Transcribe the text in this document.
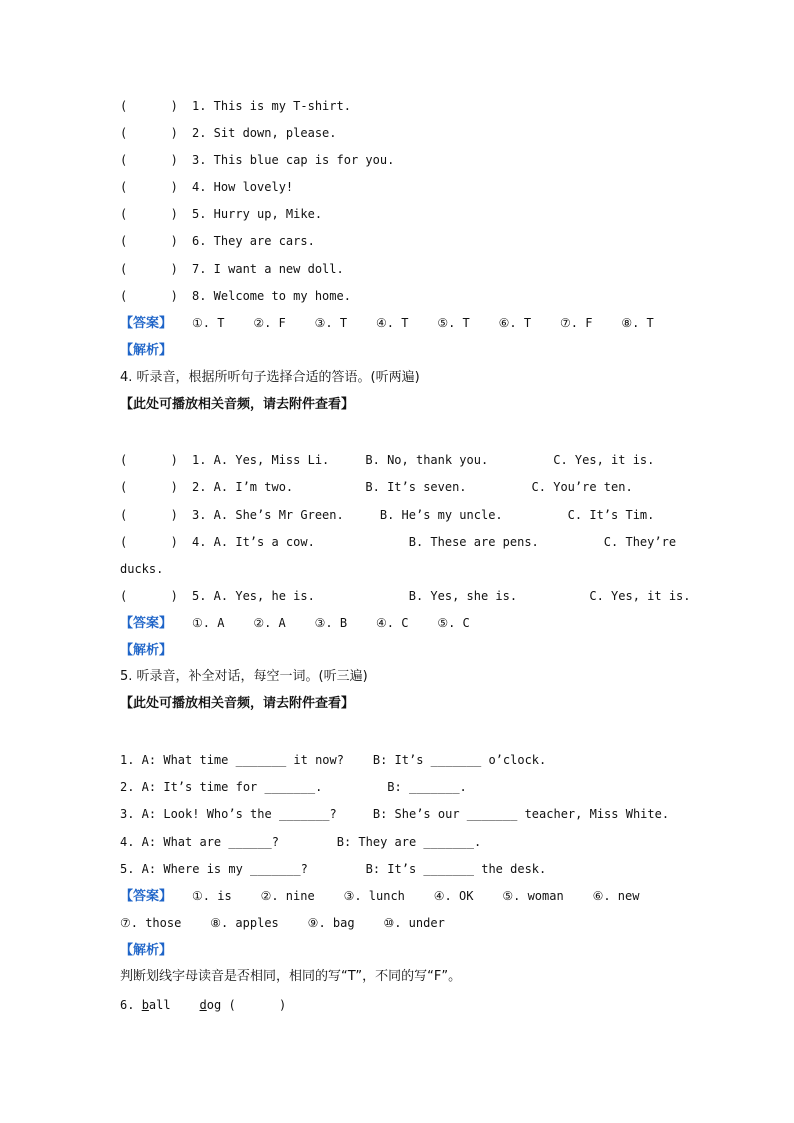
(      ) 1. This is my T-shirt.
(      ) 2. Sit down, please.
(      ) 3. This blue cap is for you.
(      ) 4. How lovely!
(      ) 5. Hurry up, Mike.
(      ) 6. They are cars.
(      ) 7. I want a new doll.
(      ) 8. Welcome to my home.
【答案】 ①. T    ②. F    ③. T    ④. T    ⑤. T    ⑥. T    ⑦. F    ⑧. T
【解析】
4. 听录音，根据所听句子选择合适的答语。(听两遍)
【此处可播放相关音频，请去附件查看】
(      ) 1. A. Yes, Miss Li.     B. No, thank you.         C. Yes, it is.
(      ) 2. A. I’m two.          B. It’s seven.         C. You’re ten.
(      ) 3. A. She’s Mr Green.     B. He’s my uncle.         C. It’s Tim.
(      ) 4. A. It’s a cow.             B. These are pens.         C. They’re
ducks.
(      ) 5. A. Yes, he is.             B. Yes, she is.          C. Yes, it is.
【答案】 ①. A    ②. A    ③. B    ④. C    ⑤. C
【解析】
5. 听录音，补全对话，每空一词。(听三遍)
【此处可播放相关音频，请去附件查看】
1. A: What time _______ it now?    B: It’s _______ o’clock.
2. A: It’s time for _______.         B: _______.
3. A: Look! Who’s the _______?     B: She’s our _______ teacher, Miss White.
4. A: What are ______?        B: They are _______.
5. A: Where is my _______?        B: It’s _______ the desk.
【答案】 ①. is    ②. nine    ③. lunch    ④. OK    ⑤. woman    ⑥. new
⑦. those    ⑧. apples    ⑨. bag    ⑩. under
【解析】
判断划线字母读音是否相同，相同的写“T”，不同的写“F”。
6. ball dog (      )
